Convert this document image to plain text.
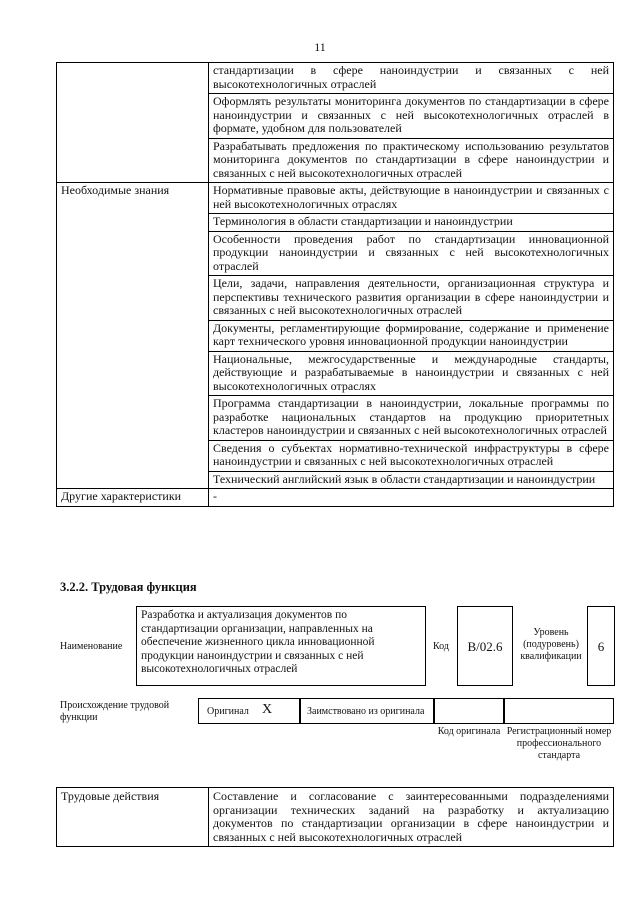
11
	стандартизации в сфере наноиндустрии и связанных с ней высокотехнологичных отраслей
	Оформлять результаты мониторинга документов по стандартизации в сфере наноиндустрии и связанных с ней высокотехнологичных отраслей в формате, удобном для пользователей
	Разрабатывать предложения по практическому использованию результатов мониторинга документов по стандартизации в сфере наноиндустрии и связанных с ней высокотехнологичных отраслей
Необходимые знания	Нормативные правовые акты, действующие в наноиндустрии и связанных с ней высокотехнологичных отраслях
	Терминология в области стандартизации и наноиндустрии
	Особенности проведения работ по стандартизации инновационной продукции наноиндустрии и связанных с ней высокотехнологичных отраслей
	Цели, задачи, направления деятельности, организационная структура и перспективы технического развития организации в сфере наноиндустрии и связанных с ней высокотехнологичных отраслей
	Документы, регламентирующие формирование, содержание и применение карт технического уровня инновационной продукции наноиндустрии
	Национальные, межгосударственные и международные стандарты, действующие и разрабатываемые в наноиндустрии и связанных с ней высокотехнологичных отраслях
	Программа стандартизации в наноиндустрии, локальные программы по разработке национальных стандартов на продукцию приоритетных кластеров наноиндустрии и связанных с ней высокотехнологичных отраслей
	Сведения о субъектах нормативно-технической инфраструктуры в сфере наноиндустрии и связанных с ней высокотехнологичных отраслей
	Технический английский язык в области стандартизации и наноиндустрии
Другие характеристики	-
3.2.2. Трудовая функция
Наименование
Разработка и актуализация документов по стандартизации организации, направленных на обеспечение жизненного цикла инновационной продукции наноиндустрии и связанных с ней высокотехнологичных отраслей
Код	B/02.6
Уровень (подуровень) квалификации
6
Происхождение трудовой функции
Оригинал X	Заимствовано из оригинала
Код оригинала Регистрационный номер профессионального стандарта
Трудовые действия	Составление и согласование с заинтересованными подразделениями организации технических заданий на разработку и актуализацию документов по стандартизации организации в сфере наноиндустрии и связанных с ней высокотехнологичных отраслей
